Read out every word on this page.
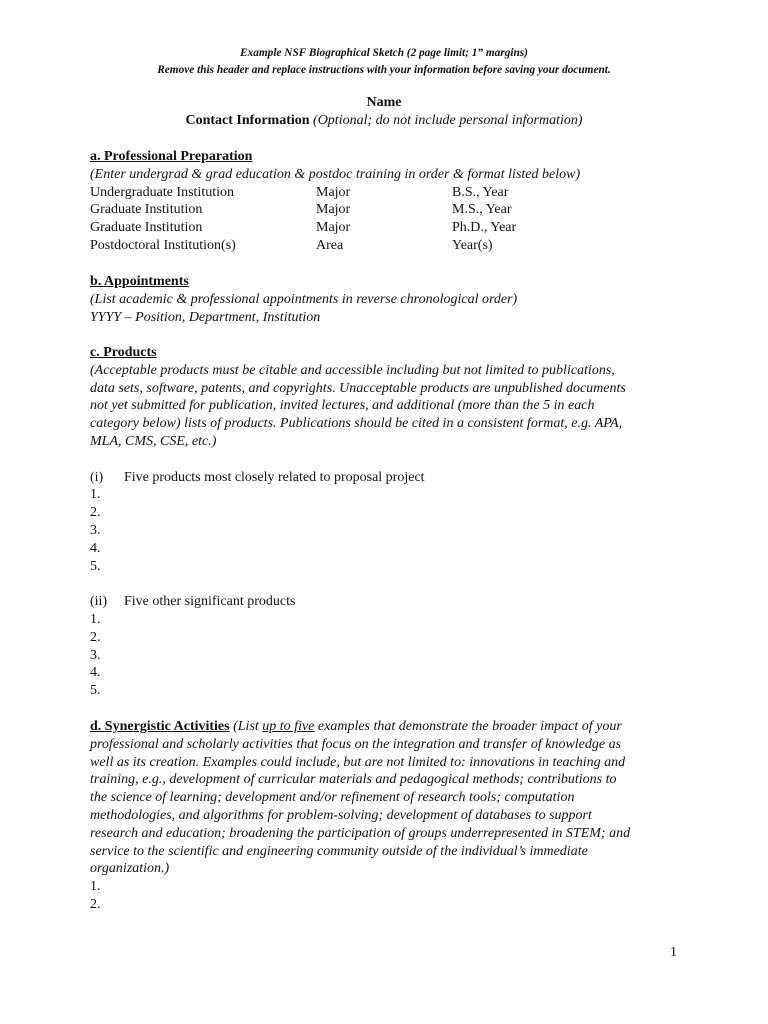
Example NSF Biographical Sketch (2 page limit; 1” margins)
Remove this header and replace instructions with your information before saving your document.
Name
Contact Information (Optional; do not include personal information)
a. Professional Preparation
(Enter undergrad & grad education & postdoc training in order & format listed below)
Undergraduate Institution	Major	B.S., Year
Graduate Institution	Major	M.S., Year
Graduate Institution	Major	Ph.D., Year
Postdoctoral Institution(s)	Area	Year(s)
b. Appointments
(List academic & professional appointments in reverse chronological order)
YYYY – Position, Department, Institution
c. Products
(Acceptable products must be citable and accessible including but not limited to publications,
data sets, software, patents, and copyrights. Unacceptable products are unpublished documents
not yet submitted for publication, invited lectures, and additional (more than the 5 in each
category below) lists of products. Publications should be cited in a consistent format, e.g. APA,
MLA, CMS, CSE, etc.)
(i) Five products most closely related to proposal project
1.
2.
3.
4.
5.
(ii) Five other significant products
1.
2.
3.
4.
5.
d. Synergistic Activities (List up to five examples that demonstrate the broader impact of your
professional and scholarly activities that focus on the integration and transfer of knowledge as
well as its creation. Examples could include, but are not limited to: innovations in teaching and
training, e.g., development of curricular materials and pedagogical methods; contributions to
the science of learning; development and/or refinement of research tools; computation
methodologies, and algorithms for problem-solving; development of databases to support
research and education; broadening the participation of groups underrepresented in STEM; and
service to the scientific and engineering community outside of the individual’s immediate
organization.)
1.
2.
1
